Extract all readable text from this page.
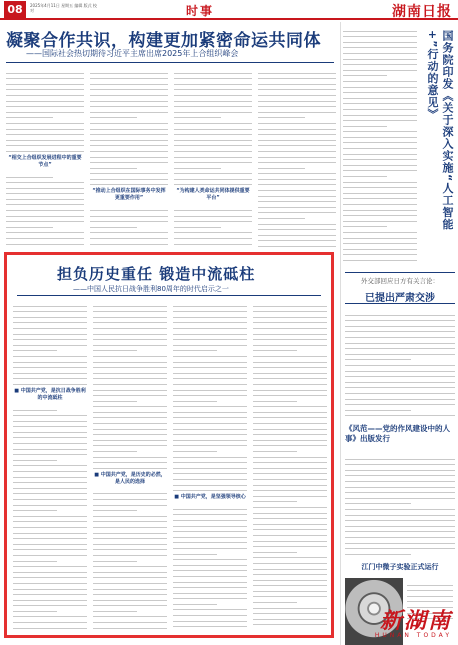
08	2025年4月11日 星期五 编辑 版式 校对	时事	湖南日报
凝聚合作共识，构建更加紧密命运共同体
——国际社会热切期待习近平主席出席2025年上合组织峰会
“相交上合组织发展进程中的重要节点”
“推动上合组织在国际事务中发挥更重要作用”
“为构建人类命运共同体提供重要平台”
担负历史重任 锻造中流砥柱
——中国人民抗日战争胜利80周年的时代启示之一
■ 中国共产党，是抗日战争胜利的中流砥柱
■ 中国共产党，是历史的必然，是人民的选择
■ 中国共产党，是坚强领导核心
国务院印发《关于深入实施“人工智能+”行动的意见》
外交部回应日方有关言论：
已提出严肃交涉
《风范——党的作风建设中的人事》出版发行
江门中微子实验正式运行
新湖南
HUNAN TODAY
